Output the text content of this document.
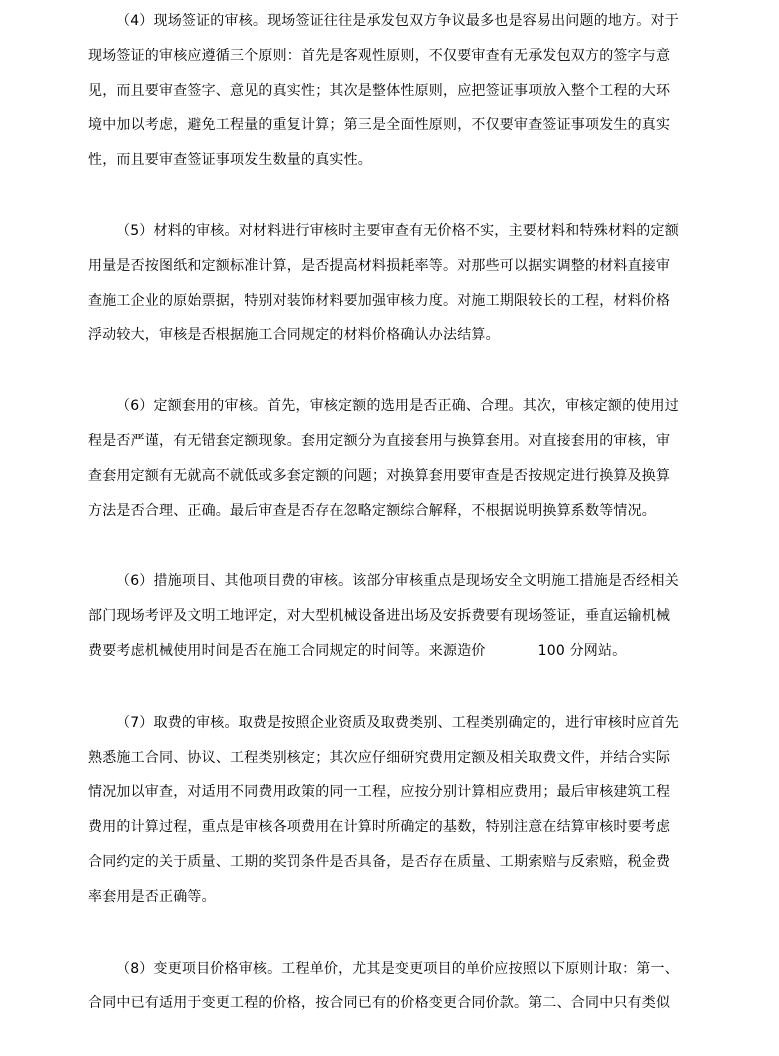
（4）现场签证的审核。现场签证往往是承发包双方争议最多也是容易出问题的地方。对于
现场签证的审核应遵循三个原则：首先是客观性原则，不仅要审查有无承发包双方的签字与意
见，而且要审查签字、意见的真实性；其次是整体性原则，应把签证事项放入整个工程的大环
境中加以考虑，避免工程量的重复计算；第三是全面性原则，不仅要审查签证事项发生的真实
性，而且要审查签证事项发生数量的真实性。
（5）材料的审核。对材料进行审核时主要审查有无价格不实，主要材料和特殊材料的定额
用量是否按图纸和定额标准计算，是否提高材料损耗率等。对那些可以据实调整的材料直接审
查施工企业的原始票据，特别对装饰材料要加强审核力度。对施工期限较长的工程，材料价格
浮动较大，审核是否根据施工合同规定的材料价格确认办法结算。
（6）定额套用的审核。首先，审核定额的选用是否正确、合理。其次，审核定额的使用过
程是否严谨，有无错套定额现象。套用定额分为直接套用与换算套用。对直接套用的审核，审
查套用定额有无就高不就低或多套定额的问题；对换算套用要审查是否按规定进行换算及换算
方法是否合理、正确。最后审查是否存在忽略定额综合解释，不根据说明换算系数等情况。
（6）措施项目、其他项目费的审核。该部分审核重点是现场安全文明施工措施是否经相关
部门现场考评及文明工地评定，对大型机械设备进出场及安拆费要有现场签证，垂直运输机械
费要考虑机械使用时间是否在施工合同规定的时间等。来源造价	100 分网站。
（7）取费的审核。取费是按照企业资质及取费类别、工程类别确定的，进行审核时应首先
熟悉施工合同、协议、工程类别核定；其次应仔细研究费用定额及相关取费文件，并结合实际
情况加以审查，对适用不同费用政策的同一工程，应按分别计算相应费用；最后审核建筑工程
费用的计算过程，重点是审核各项费用在计算时所确定的基数，特别注意在结算审核时要考虑
合同约定的关于质量、工期的奖罚条件是否具备，是否存在质量、工期索赔与反索赔，税金费
率套用是否正确等。
（8）变更项目价格审核。工程单价，尤其是变更项目的单价应按照以下原则计取：第一、
合同中已有适用于变更工程的价格，按合同已有的价格变更合同价款。第二、合同中只有类似
